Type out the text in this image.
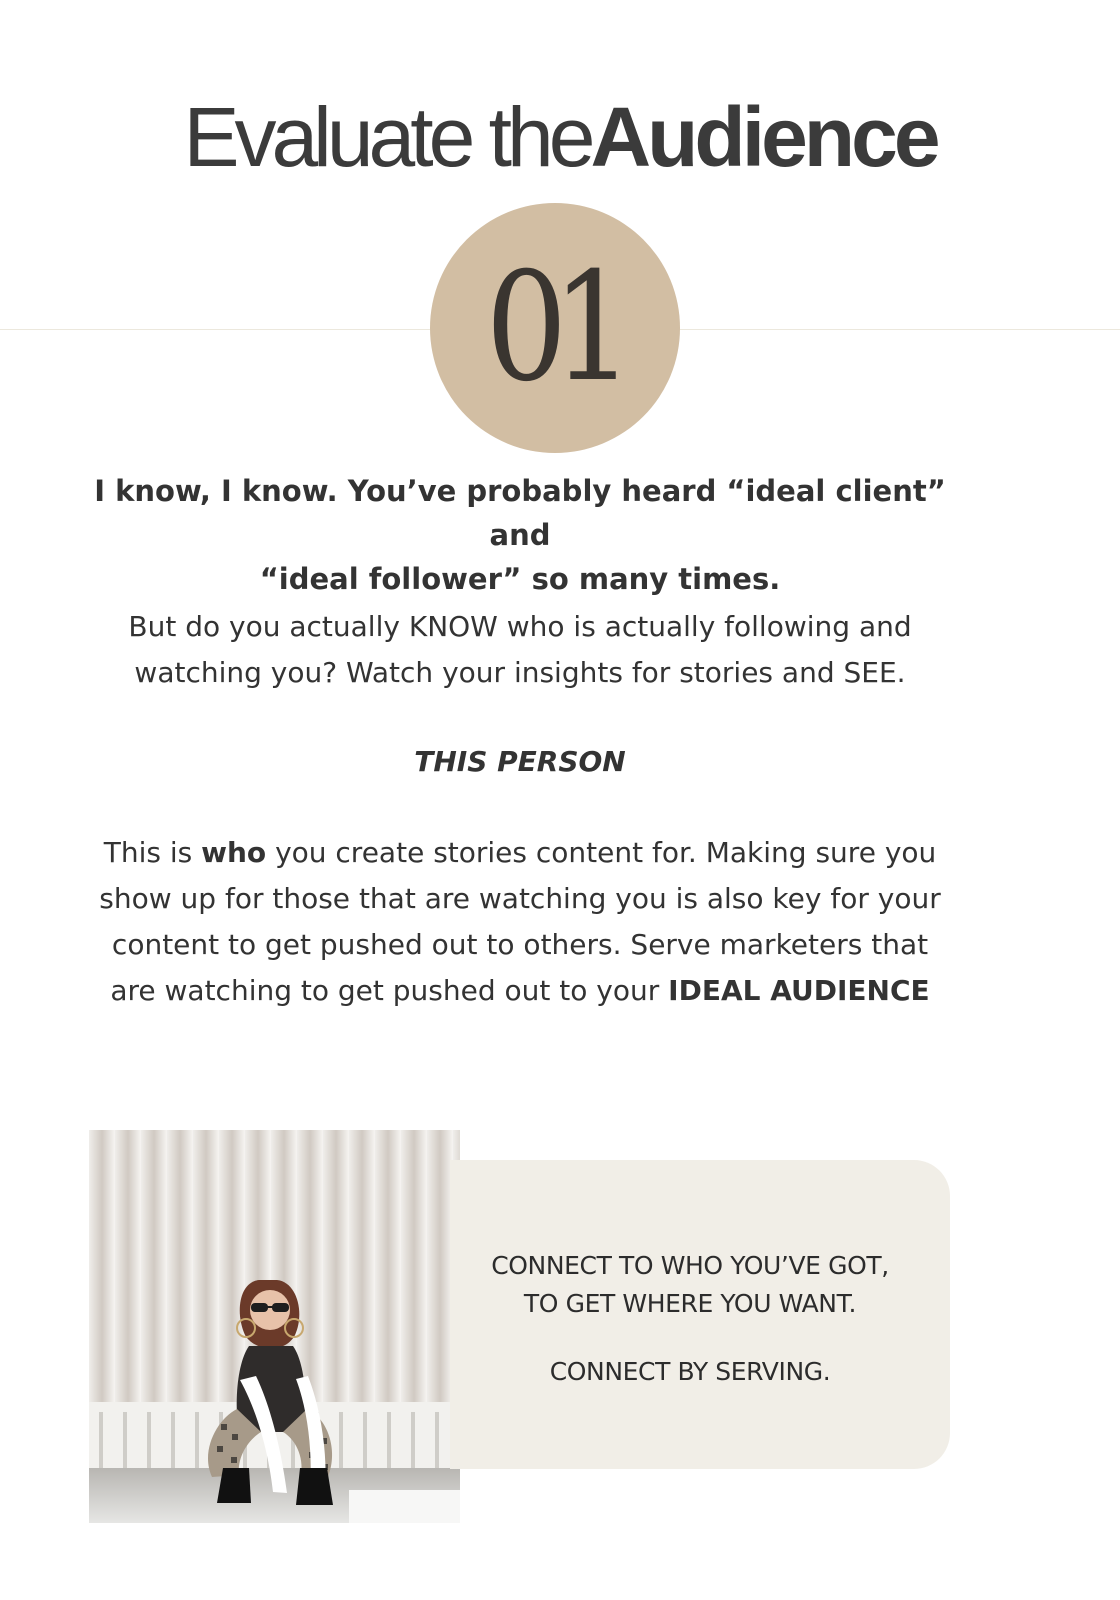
Evaluate theAudience
01
I know, I know. You’ve probably heard “ideal client” and
“ideal follower” so many times.
But do you actually KNOW who is actually following and
watching you? Watch your insights for stories and SEE.
THIS PERSON
This is who you create stories content for. Making sure you
show up for those that are watching you is also key for your
content to get pushed out to others. Serve marketers that
are watching to get pushed out to your IDEAL AUDIENCE
CONNECT TO WHO YOU’VE GOT,
TO GET WHERE YOU WANT.
CONNECT BY SERVING.
